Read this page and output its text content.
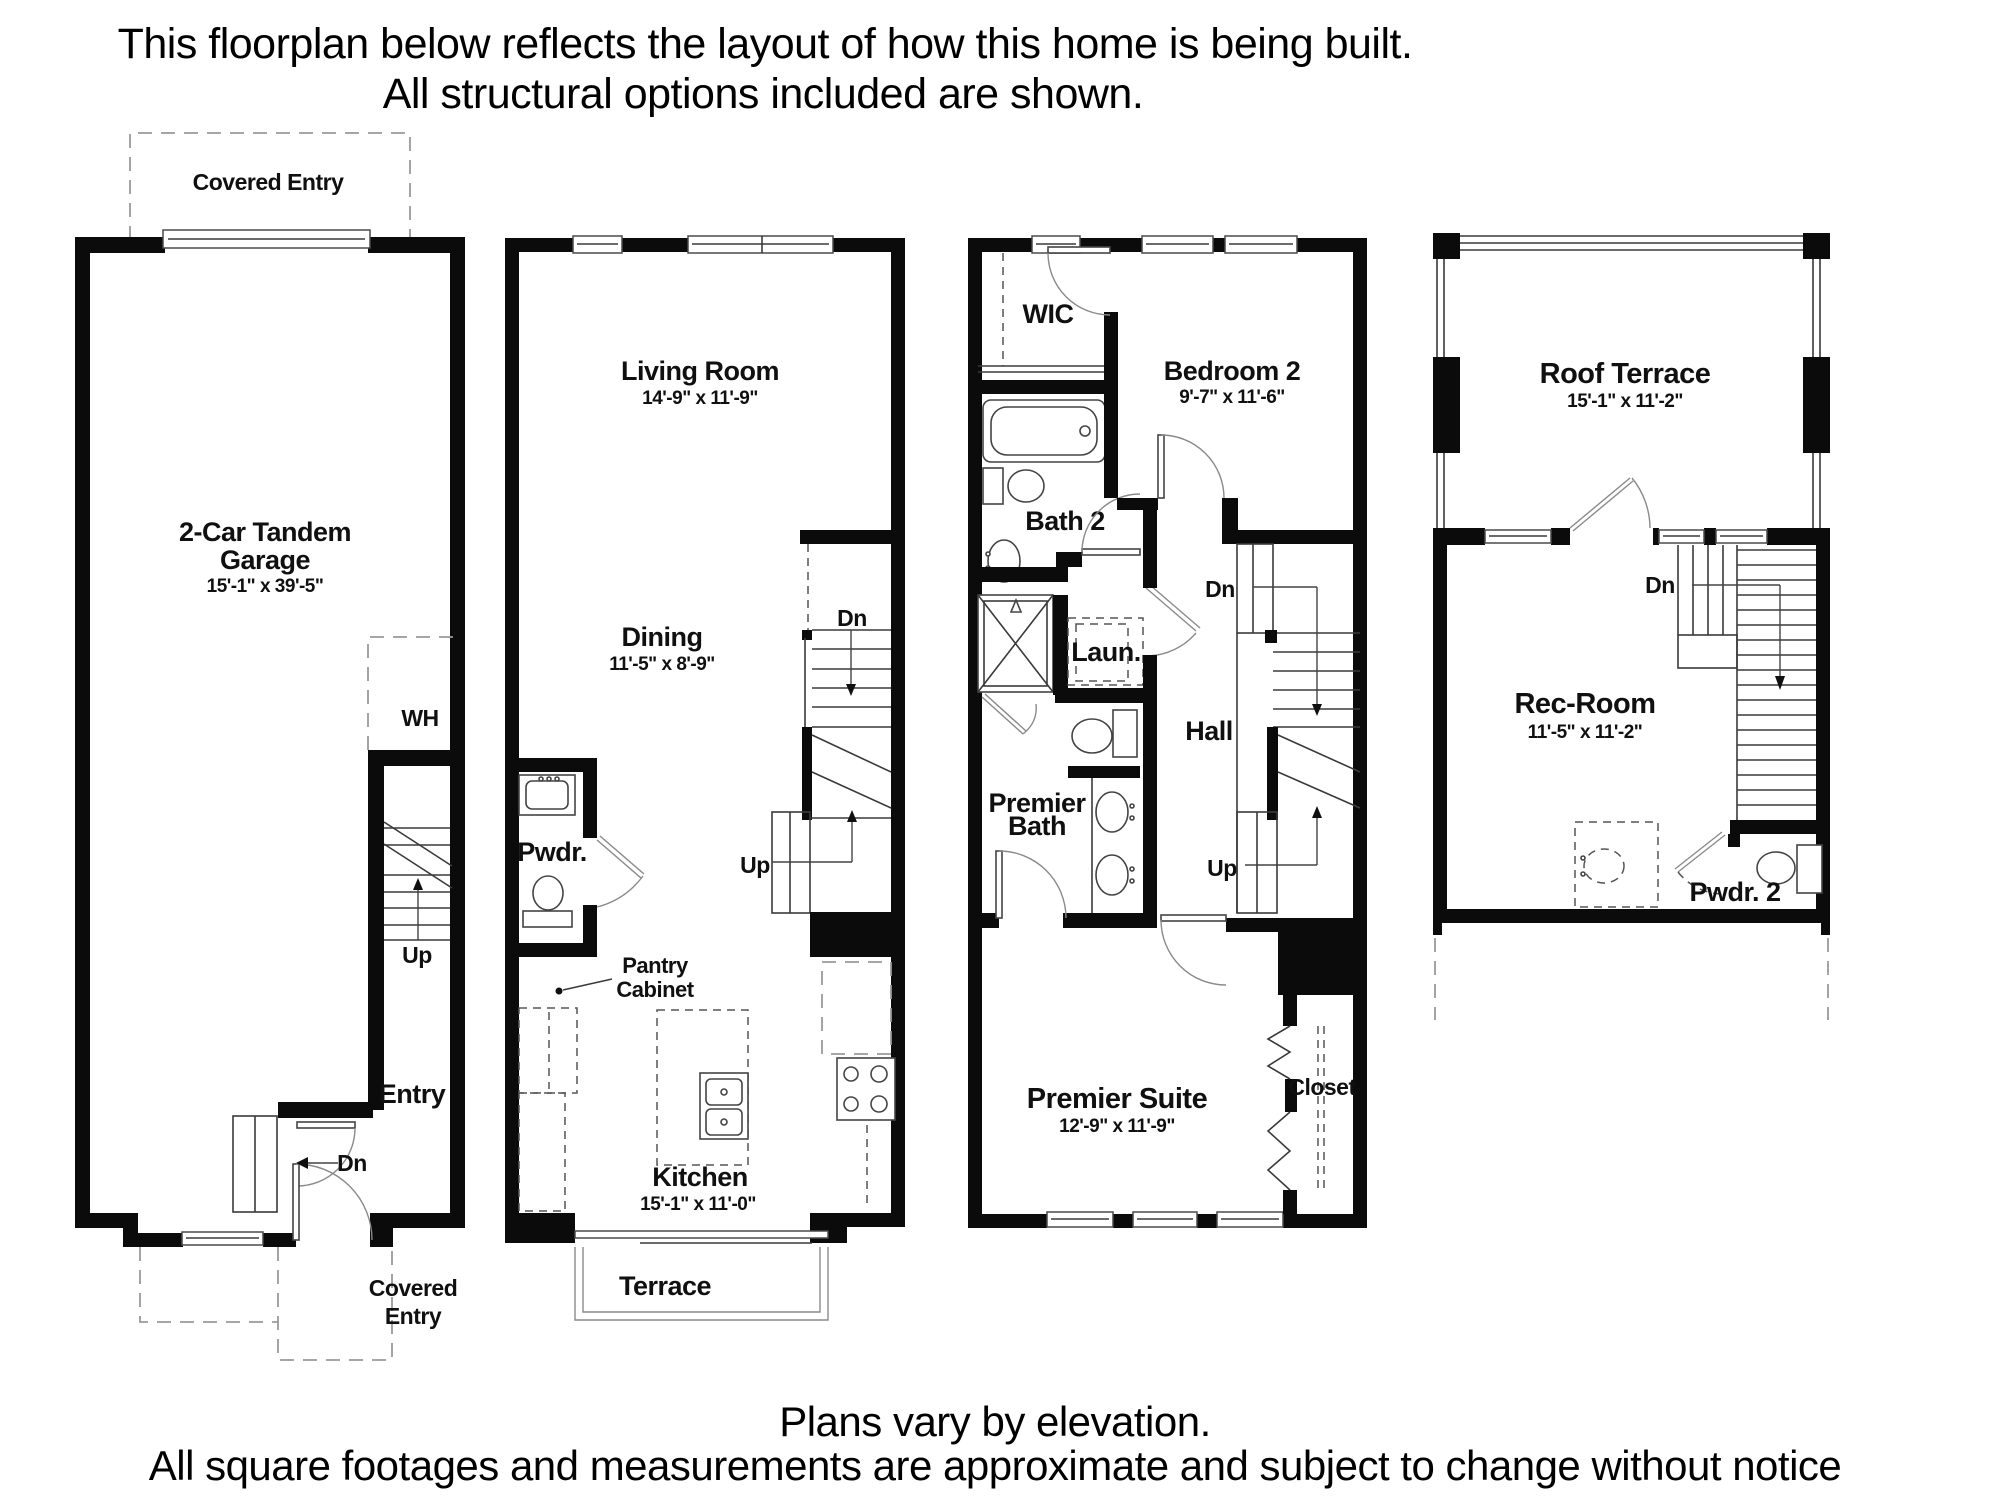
This floorplan below reflects the layout of how this home is being built.
All structural options included are shown.
Covered Entry
2-Car Tandem
Garage
15'-1" x 39'-5"
WH
Up
Entry
Dn
Covered
Entry
Living Room
14'-9" x 11'-9"
Dining
11'-5" x 8'-9"
Dn
Up
Pwdr.
Pantry
Cabinet
Kitchen
15'-1" x 11'-0"
Terrace
WIC
Bedroom 2
9'-7" x 11'-6"
Bath 2
Laun.
Premier
Bath
Hall
Dn
Up
Premier Suite
12'-9" x 11'-9"
Closet
Roof Terrace
15'-1" x 11'-2"
Rec-Room
11'-5" x 11'-2"
Dn
Pwdr. 2
Plans vary by elevation.
All square footages and measurements are approximate and subject to change without notice
